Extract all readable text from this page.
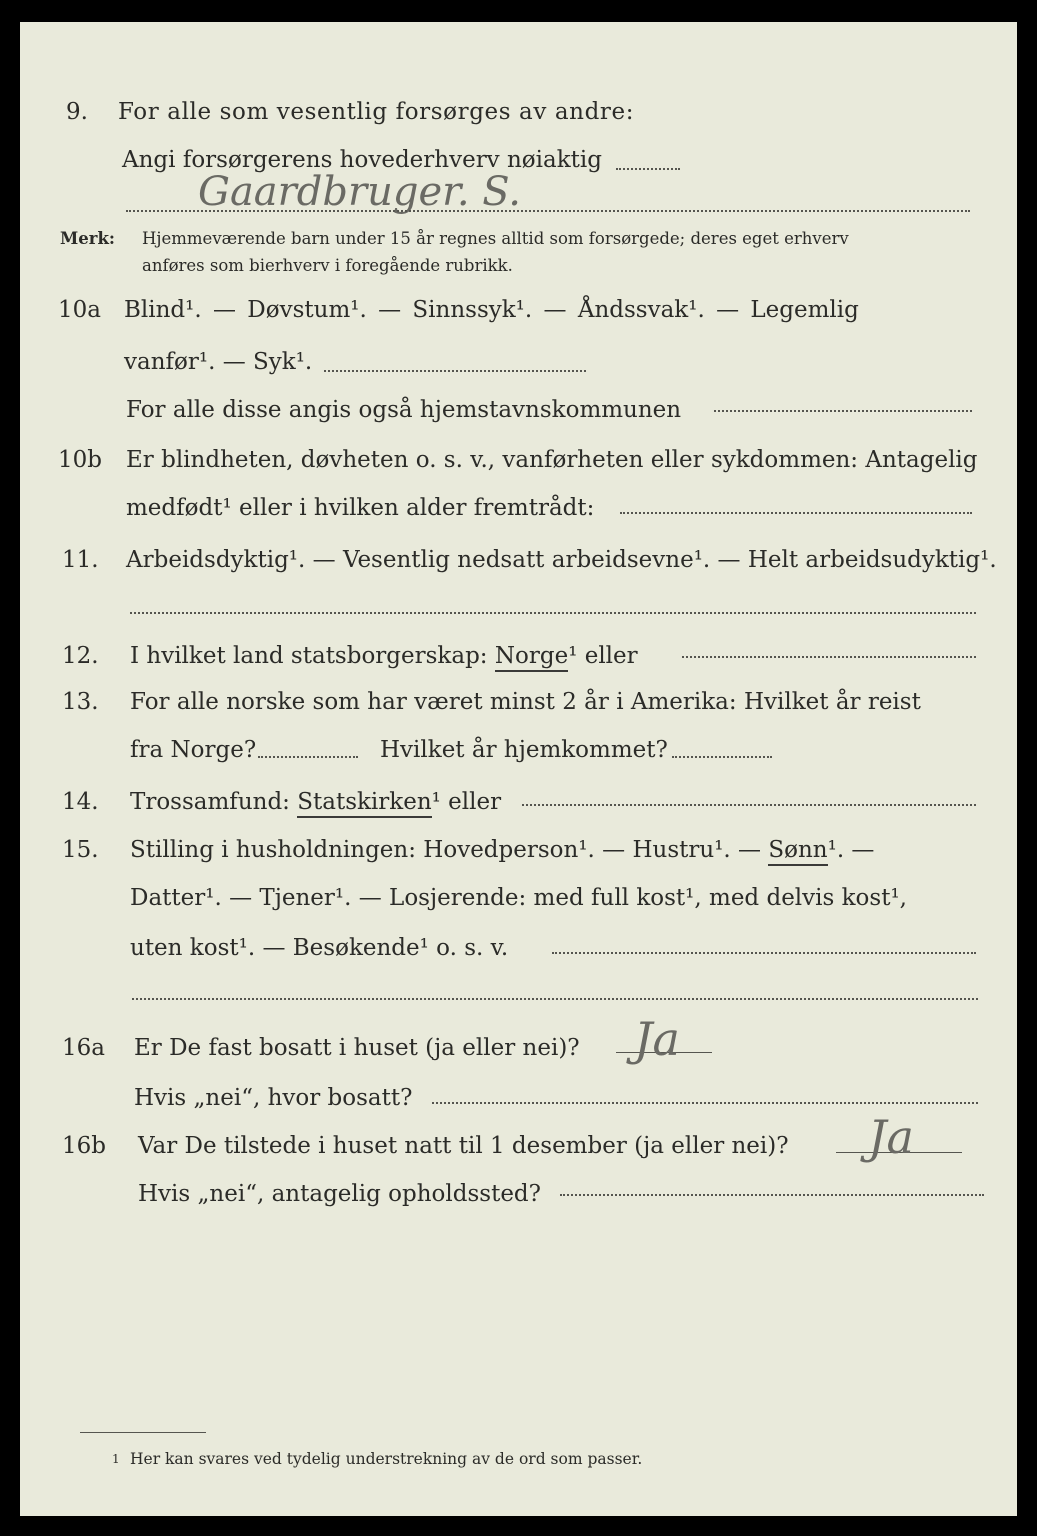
9. For alle som vesentlig forsørges av andre:
Angi forsørgerens hovederhverv nøiaktig
Gaardbruger. S.
Merk: Hjemmeværende barn under 15 år regnes alltid som forsørgede; deres eget erhverv
anføres som bierhverv i foregående rubrikk.
10a Blind¹. — Døvstum¹. — Sinnssyk¹. — Åndssvak¹. — Legemlig
vanfør¹. — Syk¹.
For alle disse angis også hjemstavnskommunen
10b Er blindheten, døvheten o. s. v., vanførheten eller sykdommen: Antagelig
medfødt¹ eller i hvilken alder fremtrådt:
11. Arbeidsdyktig¹. — Vesentlig nedsatt arbeidsevne¹. — Helt arbeidsudyktig¹.
12. I hvilket land statsborgerskap: Norge¹ eller
13. For alle norske som har været minst 2 år i Amerika: Hvilket år reist
fra Norge?	Hvilket år hjemkommet?
14. Trossamfund: Statskirken¹ eller
15. Stilling i husholdningen: Hovedperson¹. — Hustru¹. — Sønn¹. —
Datter¹. — Tjener¹. — Losjerende: med full kost¹, med delvis kost¹,
uten kost¹. — Besøkende¹ o. s. v.
16a Er De fast bosatt i huset (ja eller nei)? Ja
Hvis „nei“, hvor bosatt?
16b Var De tilstede i huset natt til 1 desember (ja eller nei)? Ja
Hvis „nei“, antagelig opholdssted?
1 Her kan svares ved tydelig understrekning av de ord som passer.
